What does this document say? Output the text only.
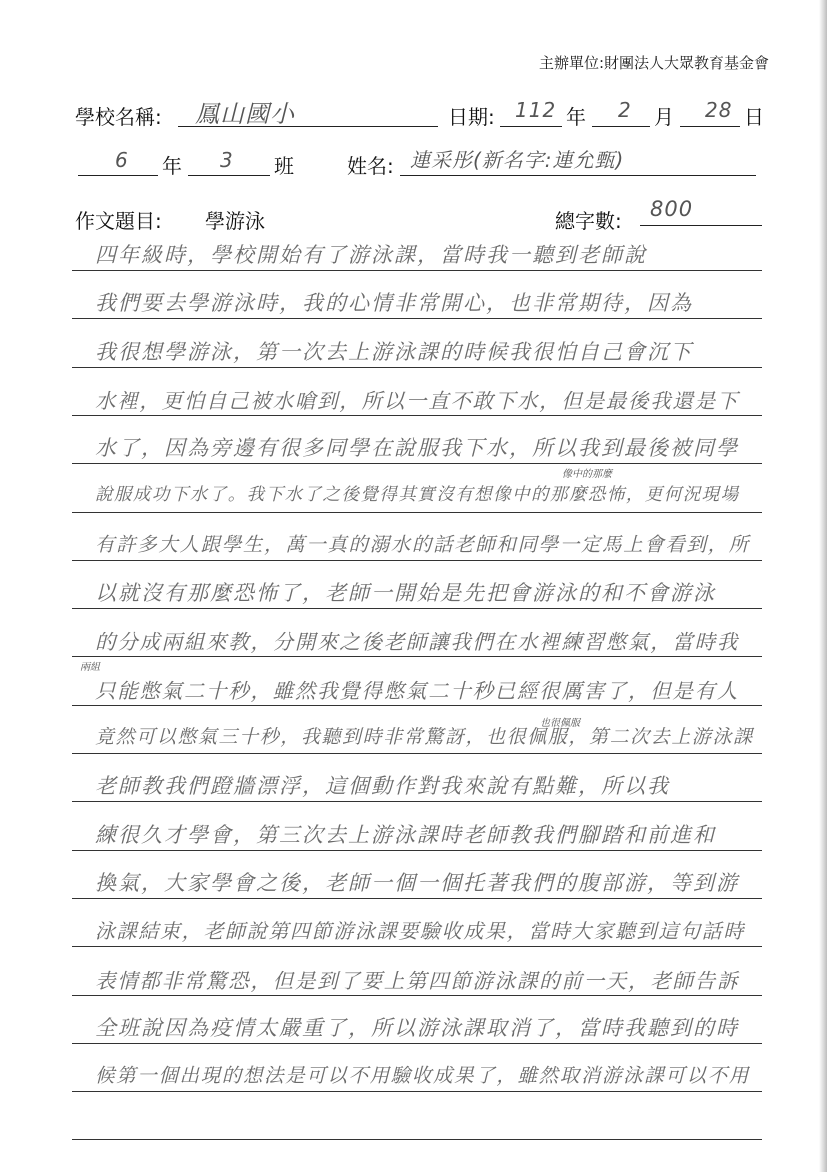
主辦單位:財團法人大眾教育基金會
學校名稱: 鳳山國小	日期: 112 年 2 月 28 日
6 年 3 班	姓名: 連采彤(新名字:連允甄)
作文題目: 學游泳	總字數: 800
四年級時，學校開始有了游泳課，當時我一聽到老師說
我們要去學游泳時，我的心情非常開心，也非常期待，因為
我很想學游泳，第一次去上游泳課的時候我很怕自己會沉下
水裡，更怕自己被水嗆到，所以一直不敢下水，但是最後我還是下
水了，因為旁邊有很多同學在說服我下水，所以我到最後被同學
說服成功下水了。我下水了之後覺得其實沒有想像中的那麼恐怖，更何況現場
有許多大人跟學生，萬一真的溺水的話老師和同學一定馬上會看到，所
以就沒有那麼恐怖了，老師一開始是先把會游泳的和不會游泳
的分成兩組來教，分開來之後老師讓我們在水裡練習憋氣，當時我
只能憋氣二十秒，雖然我覺得憋氣二十秒已經很厲害了，但是有人
竟然可以憋氣三十秒，我聽到時非常驚訝，也很佩服，第二次去上游泳課
老師教我們蹬牆漂浮，這個動作對我來說有點難，所以我
練很久才學會，第三次去上游泳課時老師教我們腳踏和前進和
換氣，大家學會之後，老師一個一個托著我們的腹部游，等到游
泳課結束，老師說第四節游泳課要驗收成果，當時大家聽到這句話時
表情都非常驚恐，但是到了要上第四節游泳課的前一天，老師告訴
全班說因為疫情太嚴重了，所以游泳課取消了，當時我聽到的時
候第一個出現的想法是可以不用驗收成果了，雖然取消游泳課可以不用
像中的那麼
兩組
也很佩服
